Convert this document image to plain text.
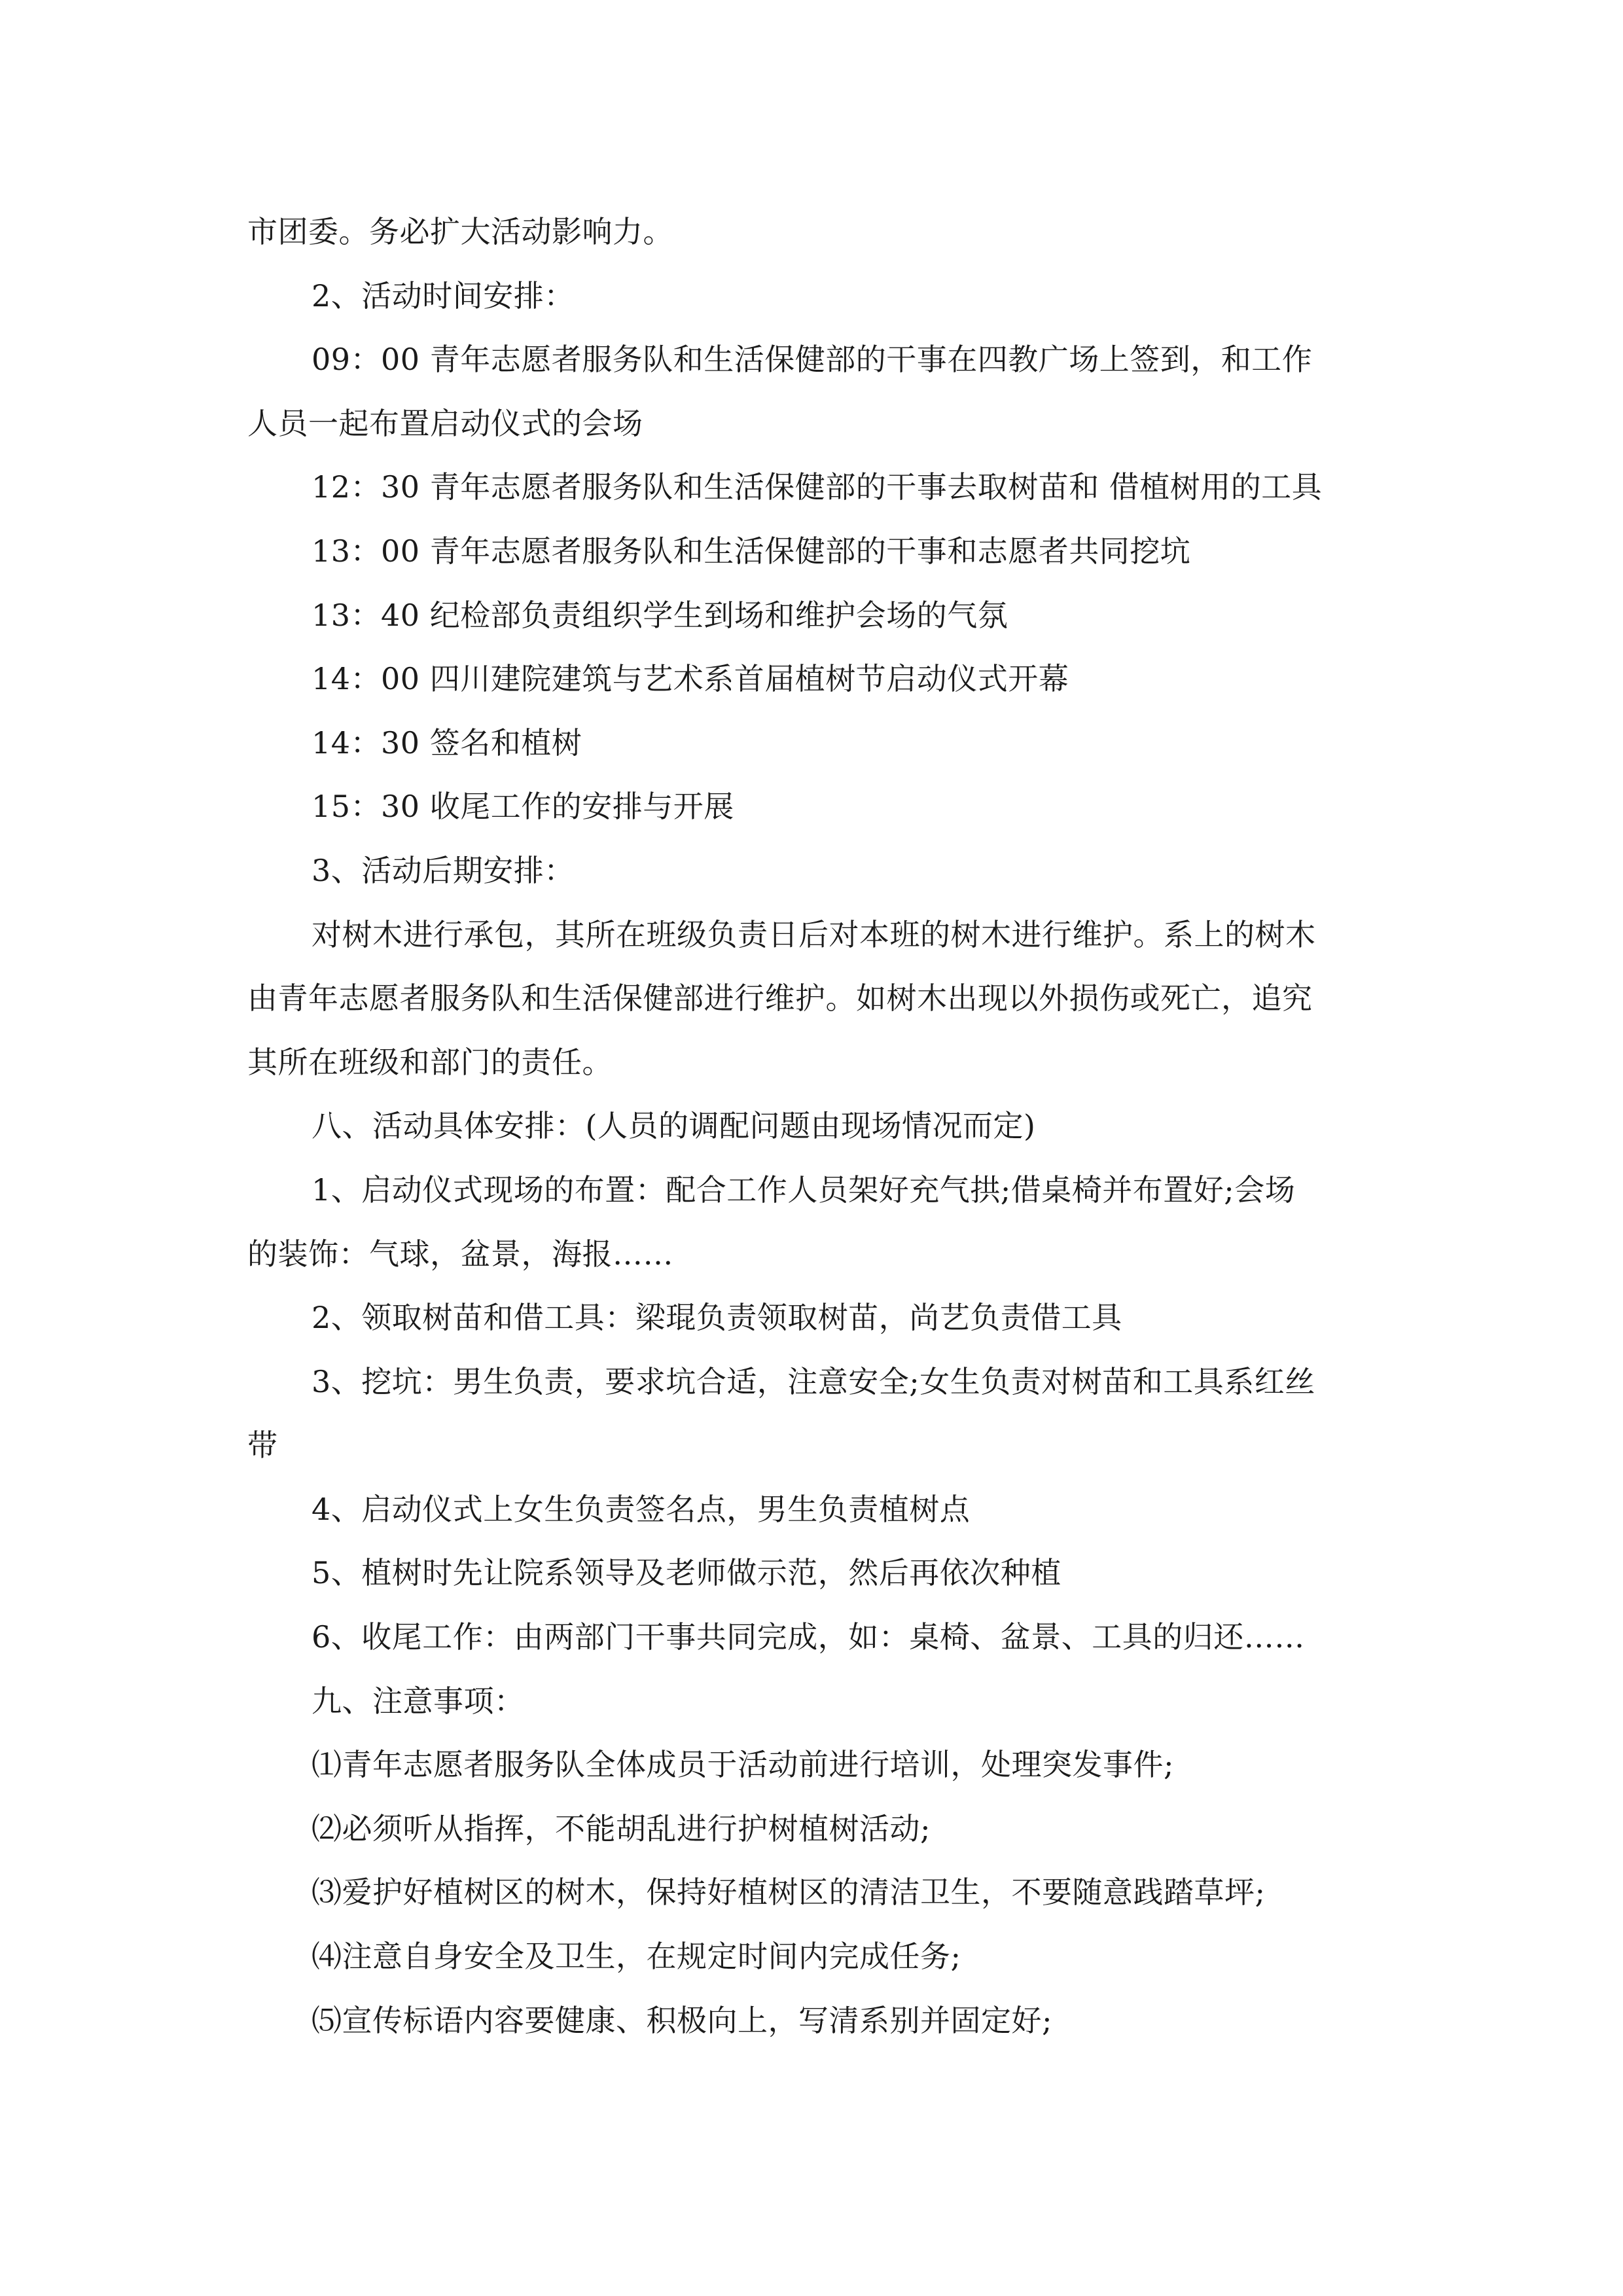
市团委。务必扩大活动影响力。
2、活动时间安排：
09：00 青年志愿者服务队和生活保健部的干事在四教广场上签到，和工作
人员一起布置启动仪式的会场
12：30 青年志愿者服务队和生活保健部的干事去取树苗和 借植树用的工具
13：00 青年志愿者服务队和生活保健部的干事和志愿者共同挖坑
13：40 纪检部负责组织学生到场和维护会场的气氛
14：00 四川建院建筑与艺术系首届植树节启动仪式开幕
14：30 签名和植树
15：30 收尾工作的安排与开展
3、活动后期安排：
对树木进行承包，其所在班级负责日后对本班的树木进行维护。系上的树木
由青年志愿者服务队和生活保健部进行维护。如树木出现以外损伤或死亡，追究
其所在班级和部门的责任。
八、活动具体安排：(人员的调配问题由现场情况而定)
1、启动仪式现场的布置：配合工作人员架好充气拱;借桌椅并布置好;会场
的装饰：气球，盆景，海报……
2、领取树苗和借工具：梁琨负责领取树苗，尚艺负责借工具
3、挖坑：男生负责，要求坑合适，注意安全;女生负责对树苗和工具系红丝
带
4、启动仪式上女生负责签名点，男生负责植树点
5、植树时先让院系领导及老师做示范，然后再依次种植
6、收尾工作：由两部门干事共同完成，如：桌椅、盆景、工具的归还……
九、注意事项：
⑴青年志愿者服务队全体成员于活动前进行培训，处理突发事件;
⑵必须听从指挥，不能胡乱进行护树植树活动;
⑶爱护好植树区的树木，保持好植树区的清洁卫生，不要随意践踏草坪;
⑷注意自身安全及卫生，在规定时间内完成任务;
⑸宣传标语内容要健康、积极向上，写清系别并固定好;
